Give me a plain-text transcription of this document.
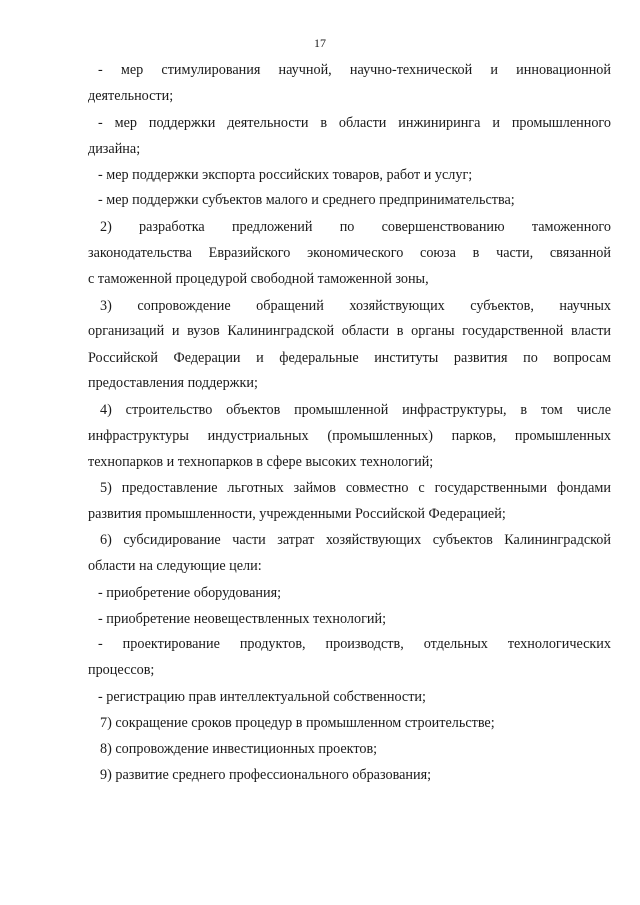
17
- мер стимулирования научной, научно-технической и инновационной
деятельности;
- мер поддержки деятельности в области инжиниринга и промышленного
дизайна;
- мер поддержки экспорта российских товаров, работ и услуг;
- мер поддержки субъектов малого и среднего предпринимательства;
2) разработка предложений по совершенствованию таможенного
законодательства Евразийского экономического союза в части, связанной
с таможенной процедурой свободной таможенной зоны,
3) сопровождение обращений хозяйствующих субъектов, научных
организаций и вузов Калининградской области в органы государственной власти
Российской Федерации и федеральные институты развития по вопросам
предоставления поддержки;
4) строительство объектов промышленной инфраструктуры, в том числе
инфраструктуры индустриальных (промышленных) парков, промышленных
технопарков и технопарков в сфере высоких технологий;
5) предоставление льготных займов совместно с государственными фондами
развития промышленности, учрежденными Российской Федерацией;
6) субсидирование части затрат хозяйствующих субъектов Калининградской
области на следующие цели:
- приобретение оборудования;
- приобретение неовеществленных технологий;
- проектирование продуктов, производств, отдельных технологических
процессов;
- регистрацию прав интеллектуальной собственности;
7) сокращение сроков процедур в промышленном строительстве;
8) сопровождение инвестиционных проектов;
9) развитие среднего профессионального образования;
